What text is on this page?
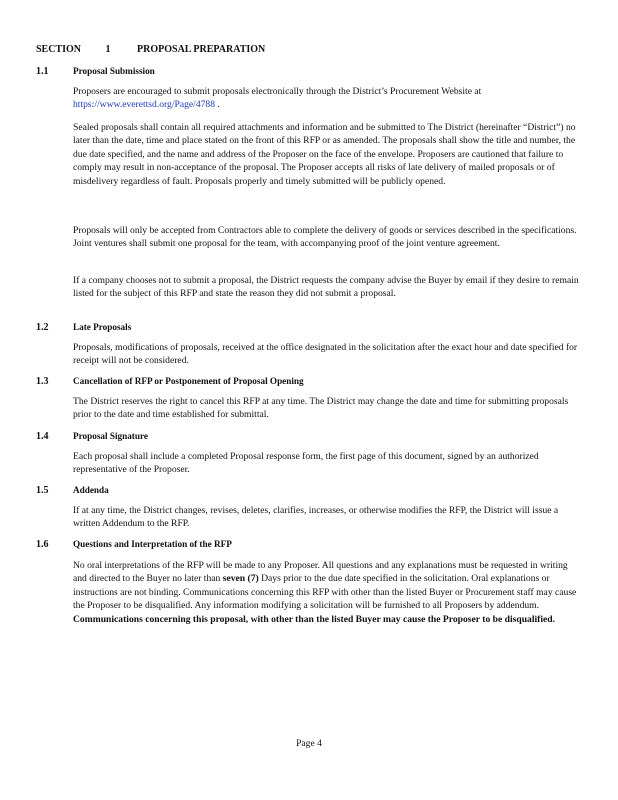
SECTION 1	PROPOSAL PREPARATION
1.1	Proposal Submission

Proposers are encouraged to submit proposals electronically through the District’s Procurement Website at https://www.everettsd.org/Page/4788 .

Sealed proposals shall contain all required attachments and information and be submitted to The District (hereinafter “District”) no later than the date, time and place stated on the front of this RFP or as amended. The proposals shall show the title and number, the due date specified, and the name and address of the Proposer on the face of the envelope. Proposers are cautioned that failure to comply may result in non-acceptance of the proposal. The Proposer accepts all risks of late delivery of mailed proposals or of misdelivery regardless of fault. Proposals properly and timely submitted will be publicly opened.

Proposals will only be accepted from Contractors able to complete the delivery of goods or services described in the specifications. Joint ventures shall submit one proposal for the team, with accompanying proof of the joint venture agreement.

If a company chooses not to submit a proposal, the District requests the company advise the Buyer by email if they desire to remain listed for the subject of this RFP and state the reason they did not submit a proposal.

1.2	Late Proposals

Proposals, modifications of proposals, received at the office designated in the solicitation after the exact hour and date specified for receipt will not be considered.

1.3	Cancellation of RFP or Postponement of Proposal Opening

The District reserves the right to cancel this RFP at any time. The District may change the date and time for submitting proposals prior to the date and time established for submittal.

1.4	Proposal Signature

Each proposal shall include a completed Proposal response form, the first page of this document, signed by an authorized representative of the Proposer.

1.5	Addenda

If at any time, the District changes, revises, deletes, clarifies, increases, or otherwise modifies the RFP, the District will issue a written Addendum to the RFP.

1.6	Questions and Interpretation of the RFP

No oral interpretations of the RFP will be made to any Proposer. All questions and any explanations must be requested in writing and directed to the Buyer no later than seven (7) Days prior to the due date specified in the solicitation. Oral explanations or instructions are not binding. Communications concerning this RFP with other than the listed Buyer or Procurement staff may cause the Proposer to be disqualified. Any information modifying a solicitation will be furnished to all Proposers by addendum. Communications concerning this proposal, with other than the listed Buyer may cause the Proposer to be disqualified.

Page 4
